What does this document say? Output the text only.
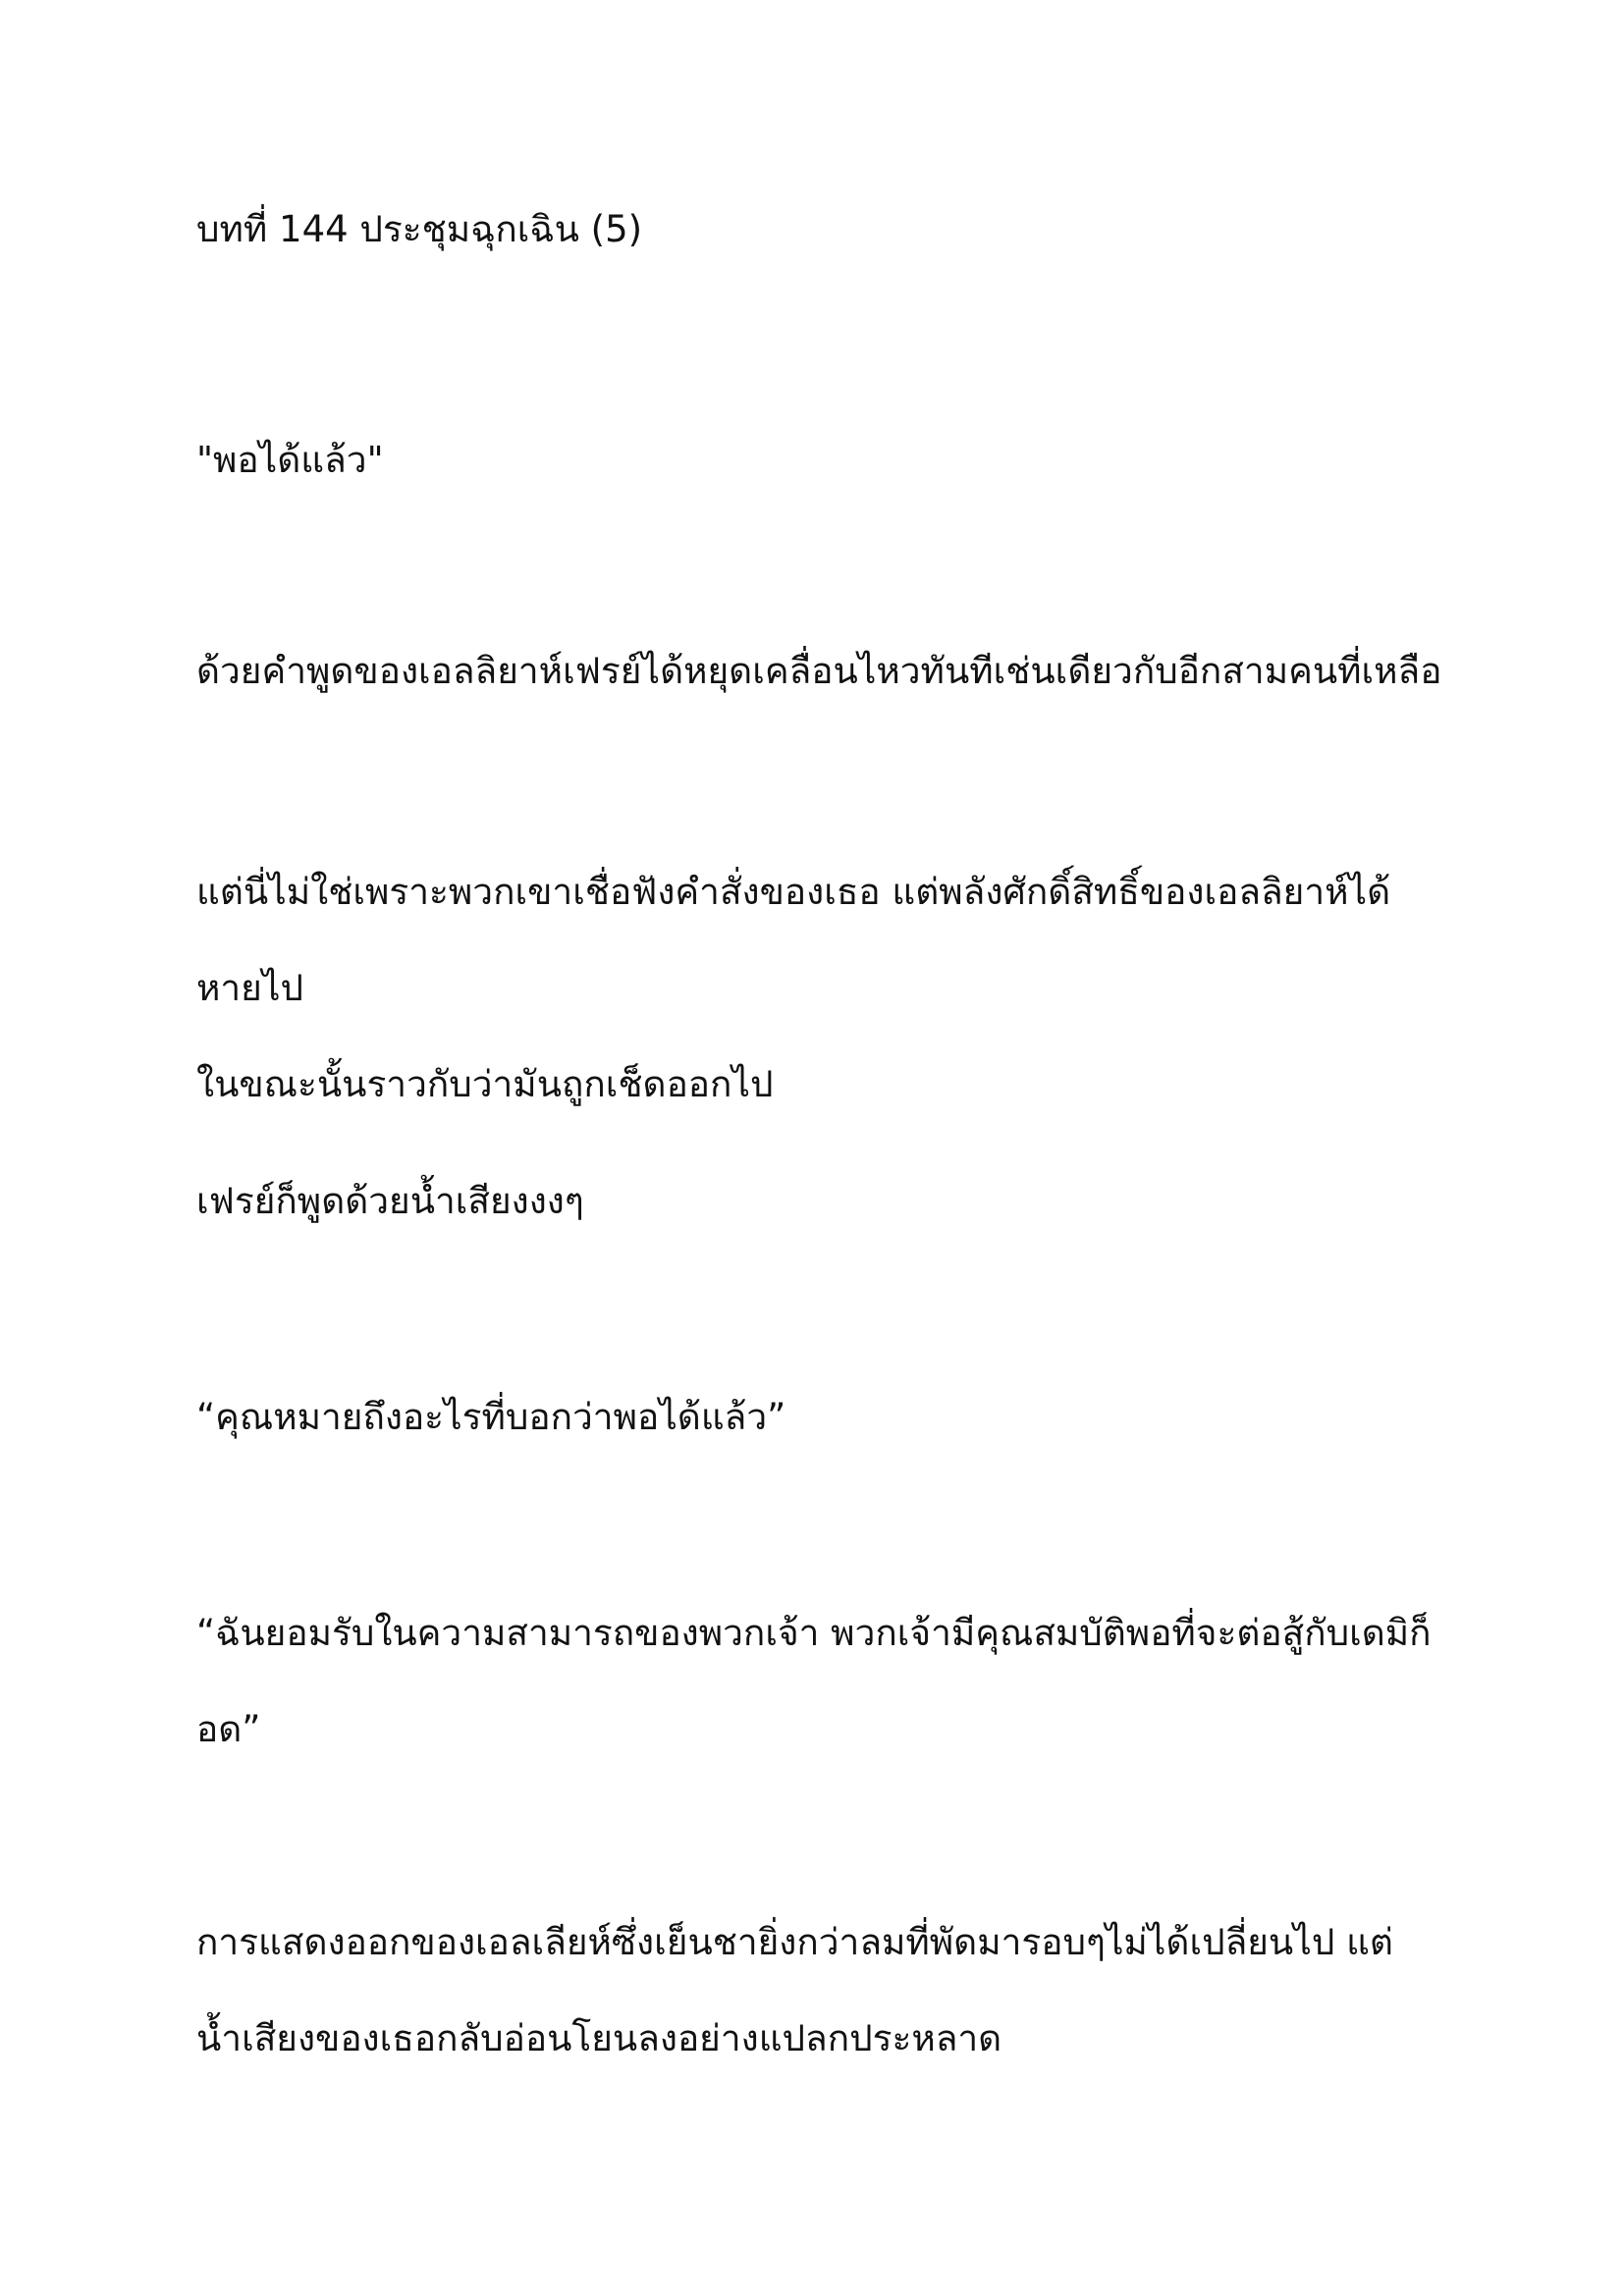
บทที่ 144 ประชุมฉุกเฉิน (5)

"พอได้แล้ว"

ด้วยคำพูดของเอลลิยาห์เฟรย์ได้หยุดเคลื่อนไหวทันทีเช่นเดียวกับอีกสามคนที่เหลือ

แต่นี่ไม่ใช่เพราะพวกเขาเชื่อฟังคำสั่งของเธอ แต่พลังศักดิ์สิทธิ์ของเอลลิยาห์ได้หายไป
ในขณะนั้นราวกับว่ามันถูกเช็ดออกไป

เฟรย์ก็พูดด้วยน้ำเสียงงงๆ

“คุณหมายถึงอะไรที่บอกว่าพอได้แล้ว”

“ฉันยอมรับในความสามารถของพวกเจ้า พวกเจ้ามีคุณสมบัติพอที่จะต่อสู้กับเดมิก็
อด”

การแสดงออกของเอลเลียห์ซึ่งเย็นชายิ่งกว่าลมที่พัดมารอบๆไม่ได้เปลี่ยนไป แต่
น้ำเสียงของเธอกลับอ่อนโยนลงอย่างแปลกประหลาด
